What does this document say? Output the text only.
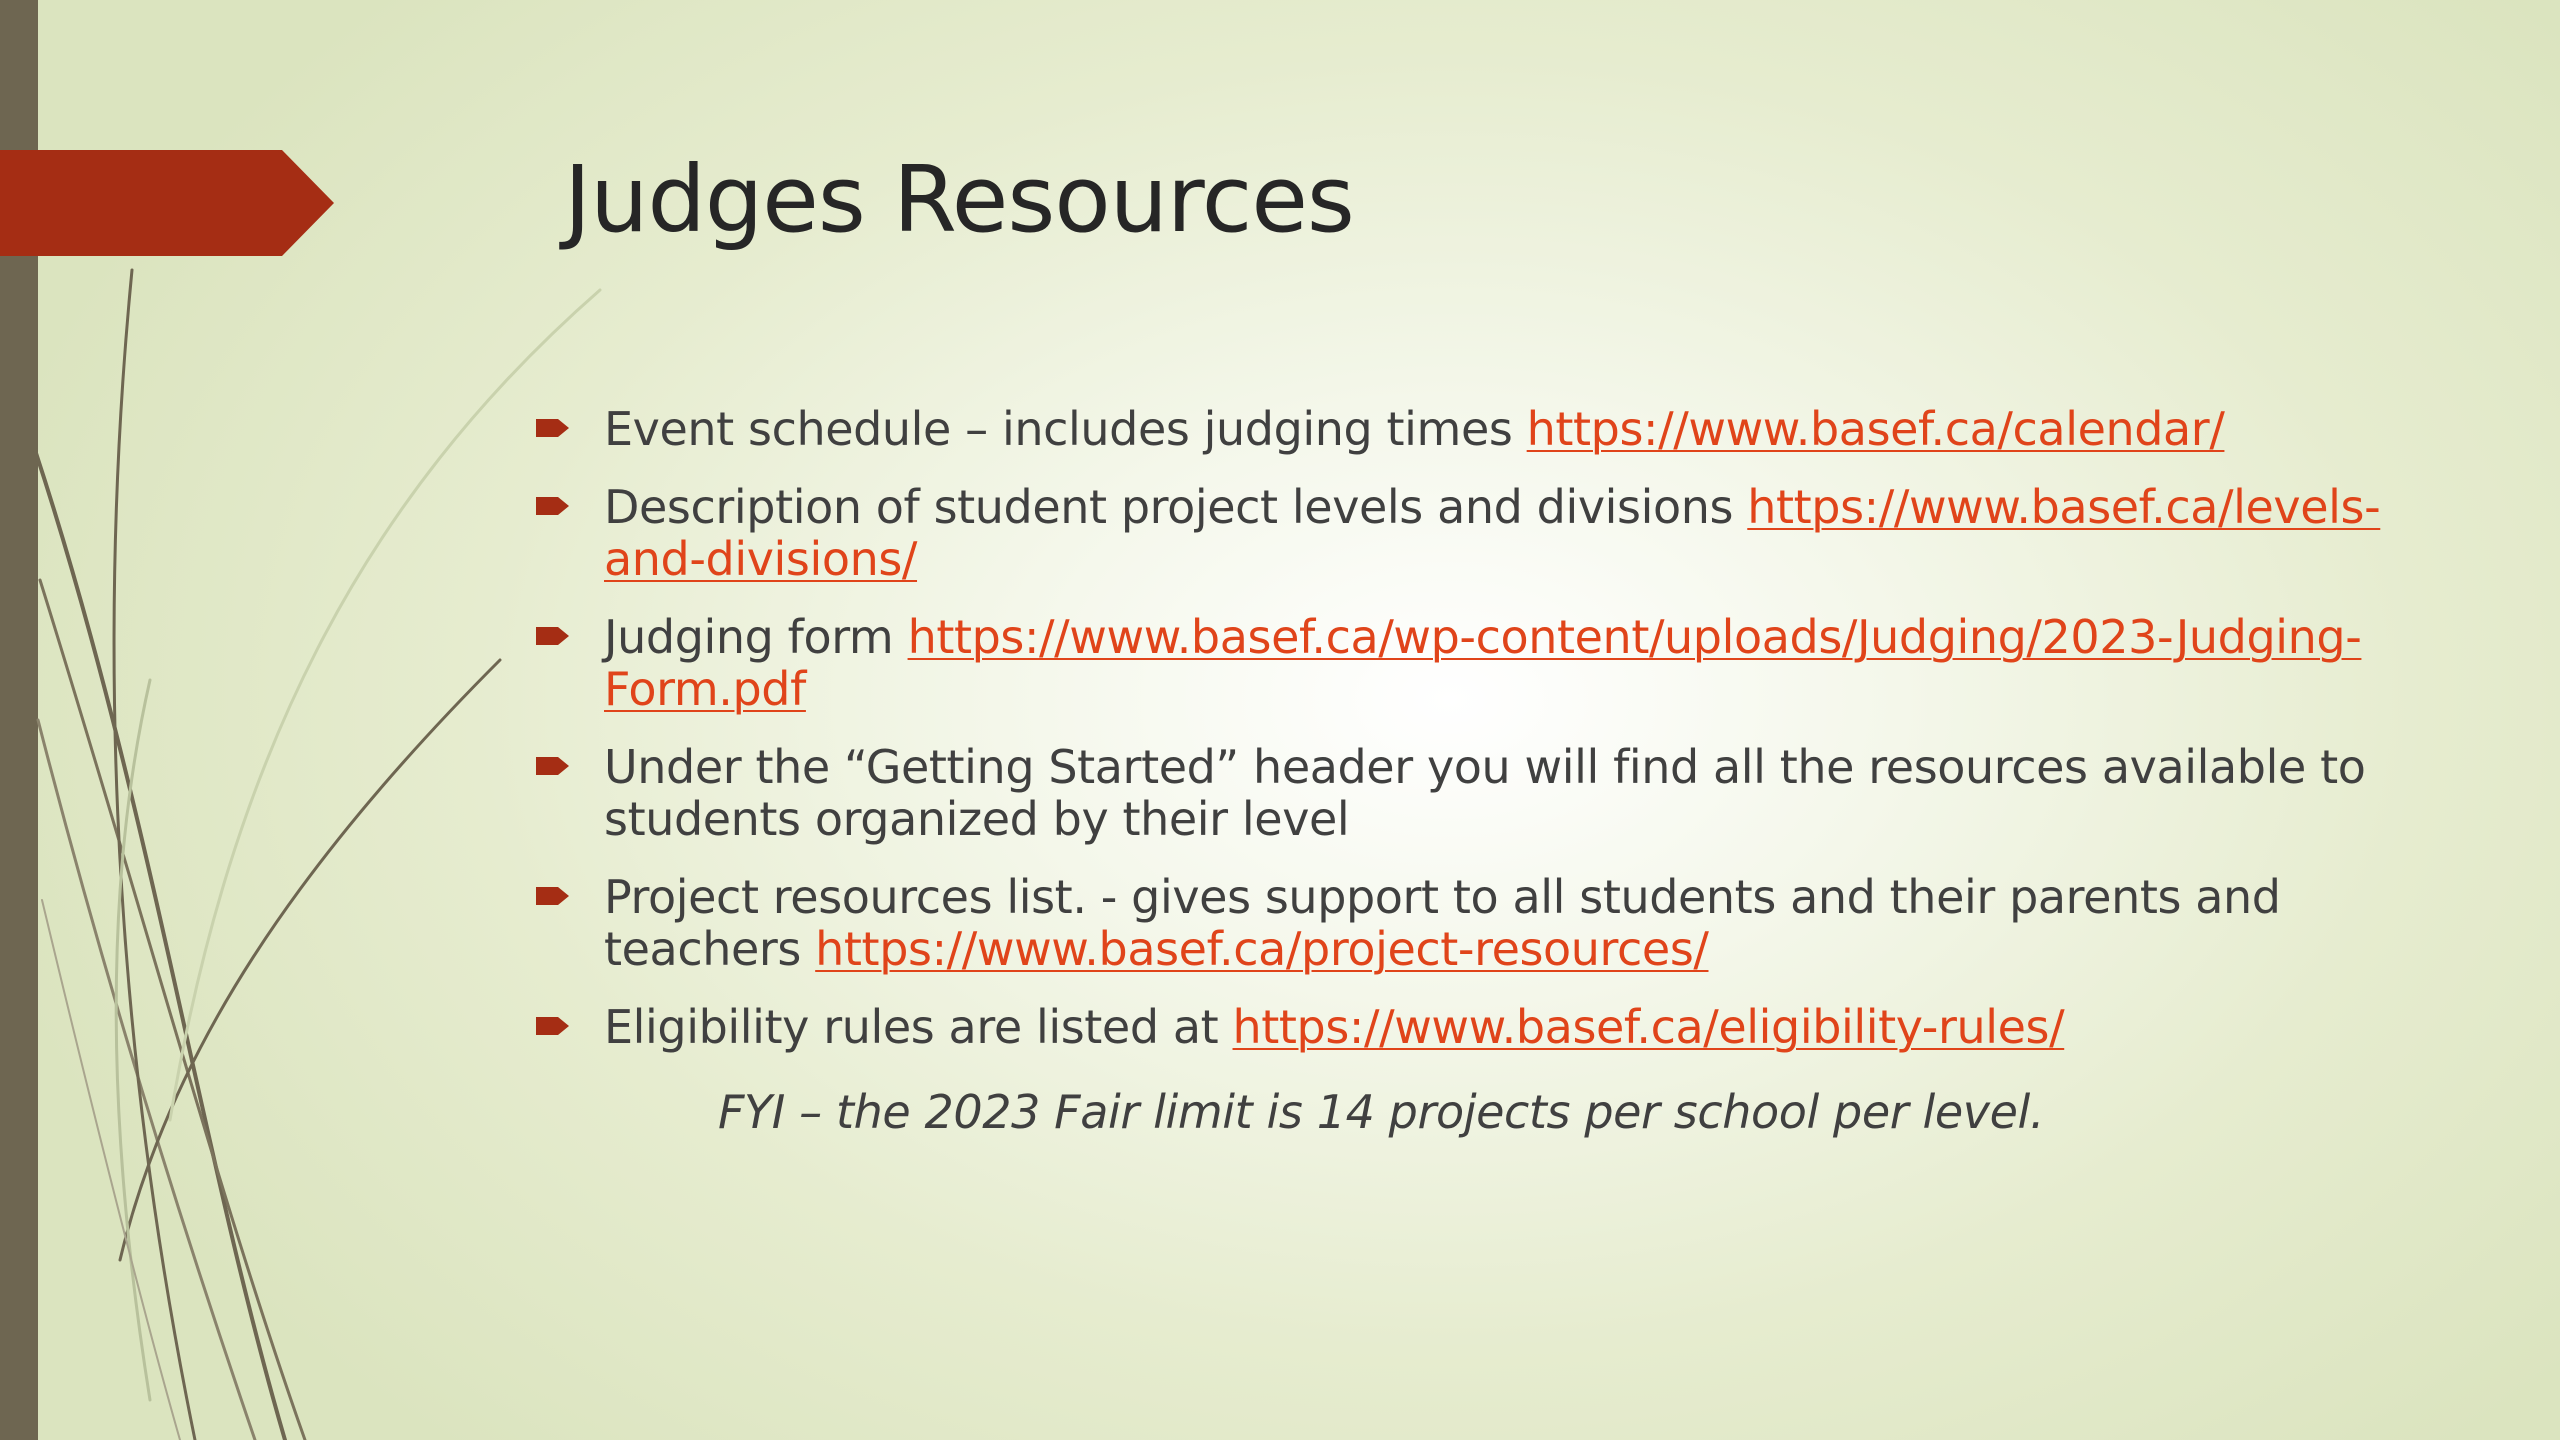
Judges Resources
Event schedule – includes judging times https://www.basef.ca/calendar/
Description of student project levels and divisions https://www.basef.ca/levels-and-divisions/
Judging form https://www.basef.ca/wp-content/uploads/Judging/2023-Judging-Form.pdf
Under the “Getting Started” header you will find all the resources available to students organized by their level
Project resources list. - gives support to all students and their parents and teachers https://www.basef.ca/project-resources/
Eligibility rules are listed at https://www.basef.ca/eligibility-rules/

FYI – the 2023 Fair limit is 14 projects per school per level.
